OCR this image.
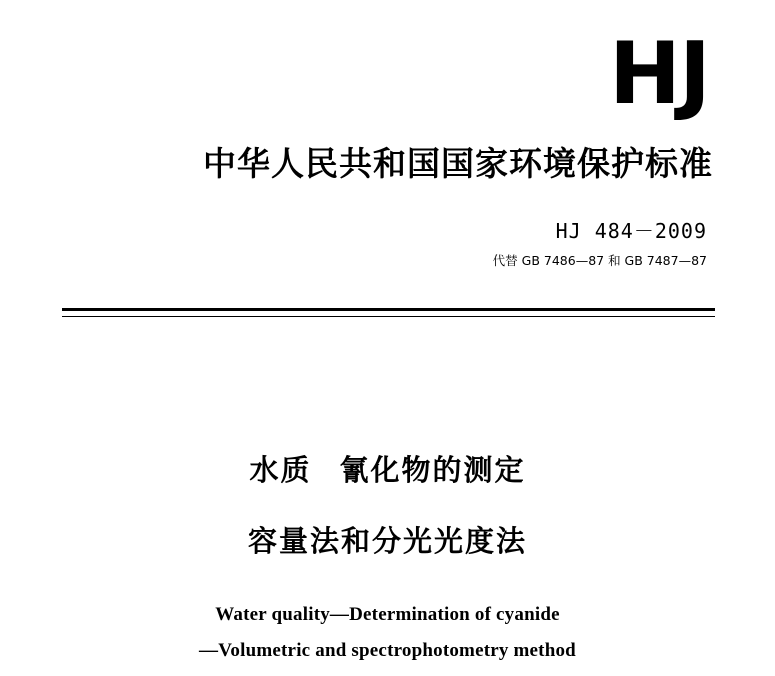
HJ
中华人民共和国国家环境保护标准
HJ 484－2009
代替 GB 7486—87 和 GB 7487—87
水质 氰化物的测定
容量法和分光光度法
Water quality—Determination of cyanide
—Volumetric and spectrophotometry method
